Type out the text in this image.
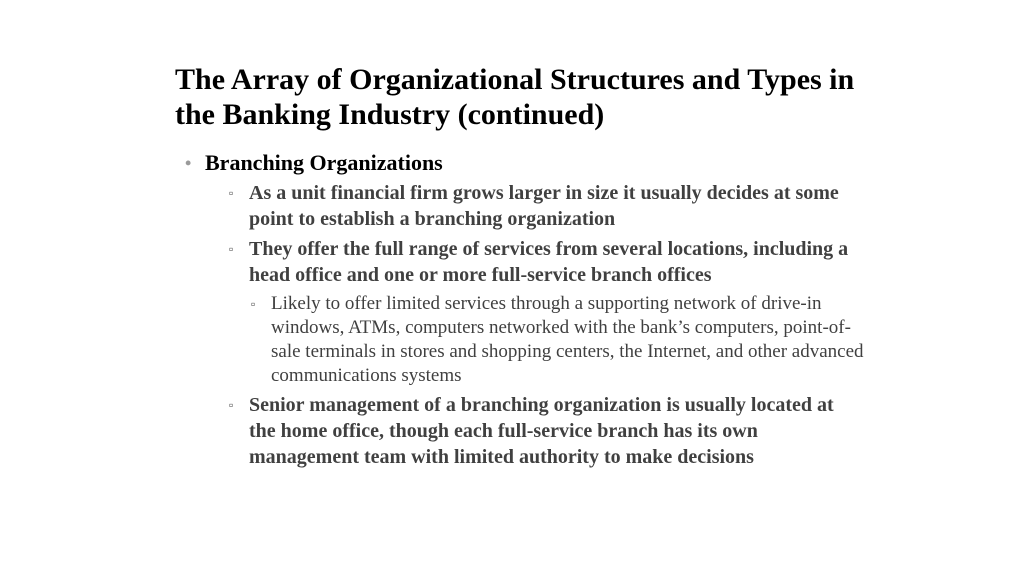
The Array of Organizational Structures and Types in the Banking Industry (continued)
• Branching Organizations
▫ As a unit financial firm grows larger in size it usually decides at some point to establish a branching organization
▫ They offer the full range of services from several locations, including a head office and one or more full-service branch offices
▫ Likely to offer limited services through a supporting network of drive-in windows, ATMs, computers networked with the bank’s computers, point-of-sale terminals in stores and shopping centers, the Internet, and other advanced communications systems
▫ Senior management of a branching organization is usually located at the home office, though each full-service branch has its own management team with limited authority to make decisions
